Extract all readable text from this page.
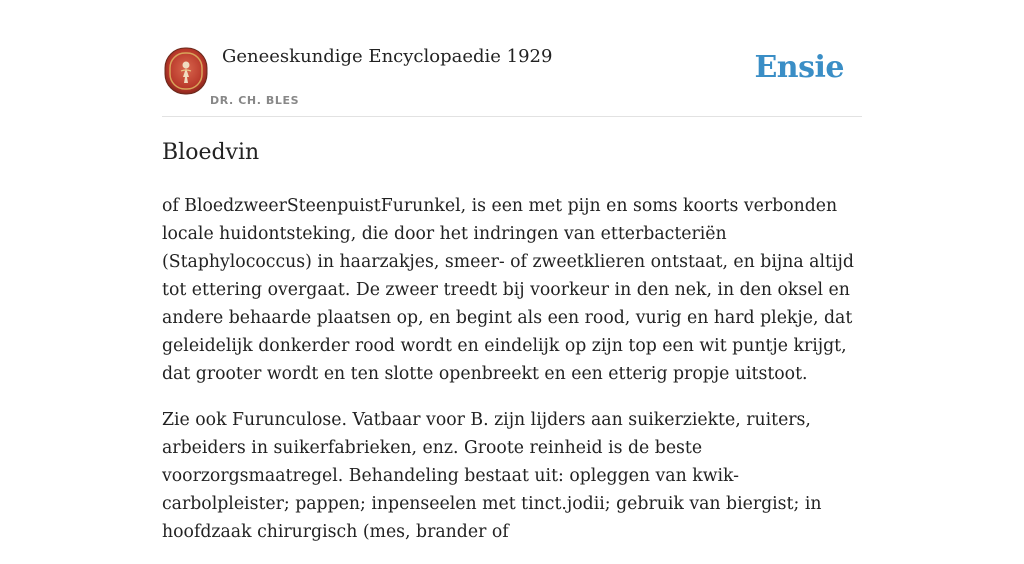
Geneeskundige Encyclopaedie 1929
DR. CH. BLES
Ensie
Bloedvin

of BloedzweerSteenpuistFurunkel, is een met pijn en soms koorts verbonden locale huidontsteking, die door het indringen van etterbacteriën (Staphylococcus) in haarzakjes, smeer- of zweetklieren ontstaat, en bijna altijd tot ettering overgaat. De zweer treedt bij voorkeur in den nek, in den oksel en andere behaarde plaatsen op, en begint als een rood, vurig en hard plekje, dat geleidelijk donkerder rood wordt en eindelijk op zijn top een wit puntje krijgt, dat grooter wordt en ten slotte openbreekt en een etterig propje uitstoot.

Zie ook Furunculose. Vatbaar voor B. zijn lijders aan suikerziekte, ruiters, arbeiders in suikerfabrieken, enz. Groote reinheid is de beste voorzorgsmaatregel. Behandeling bestaat uit: opleggen van kwik-carbolpleister; pappen; inpenseelen met tinct.jodii; gebruik van biergist; in hoofdzaak chirurgisch (mes, brander of
